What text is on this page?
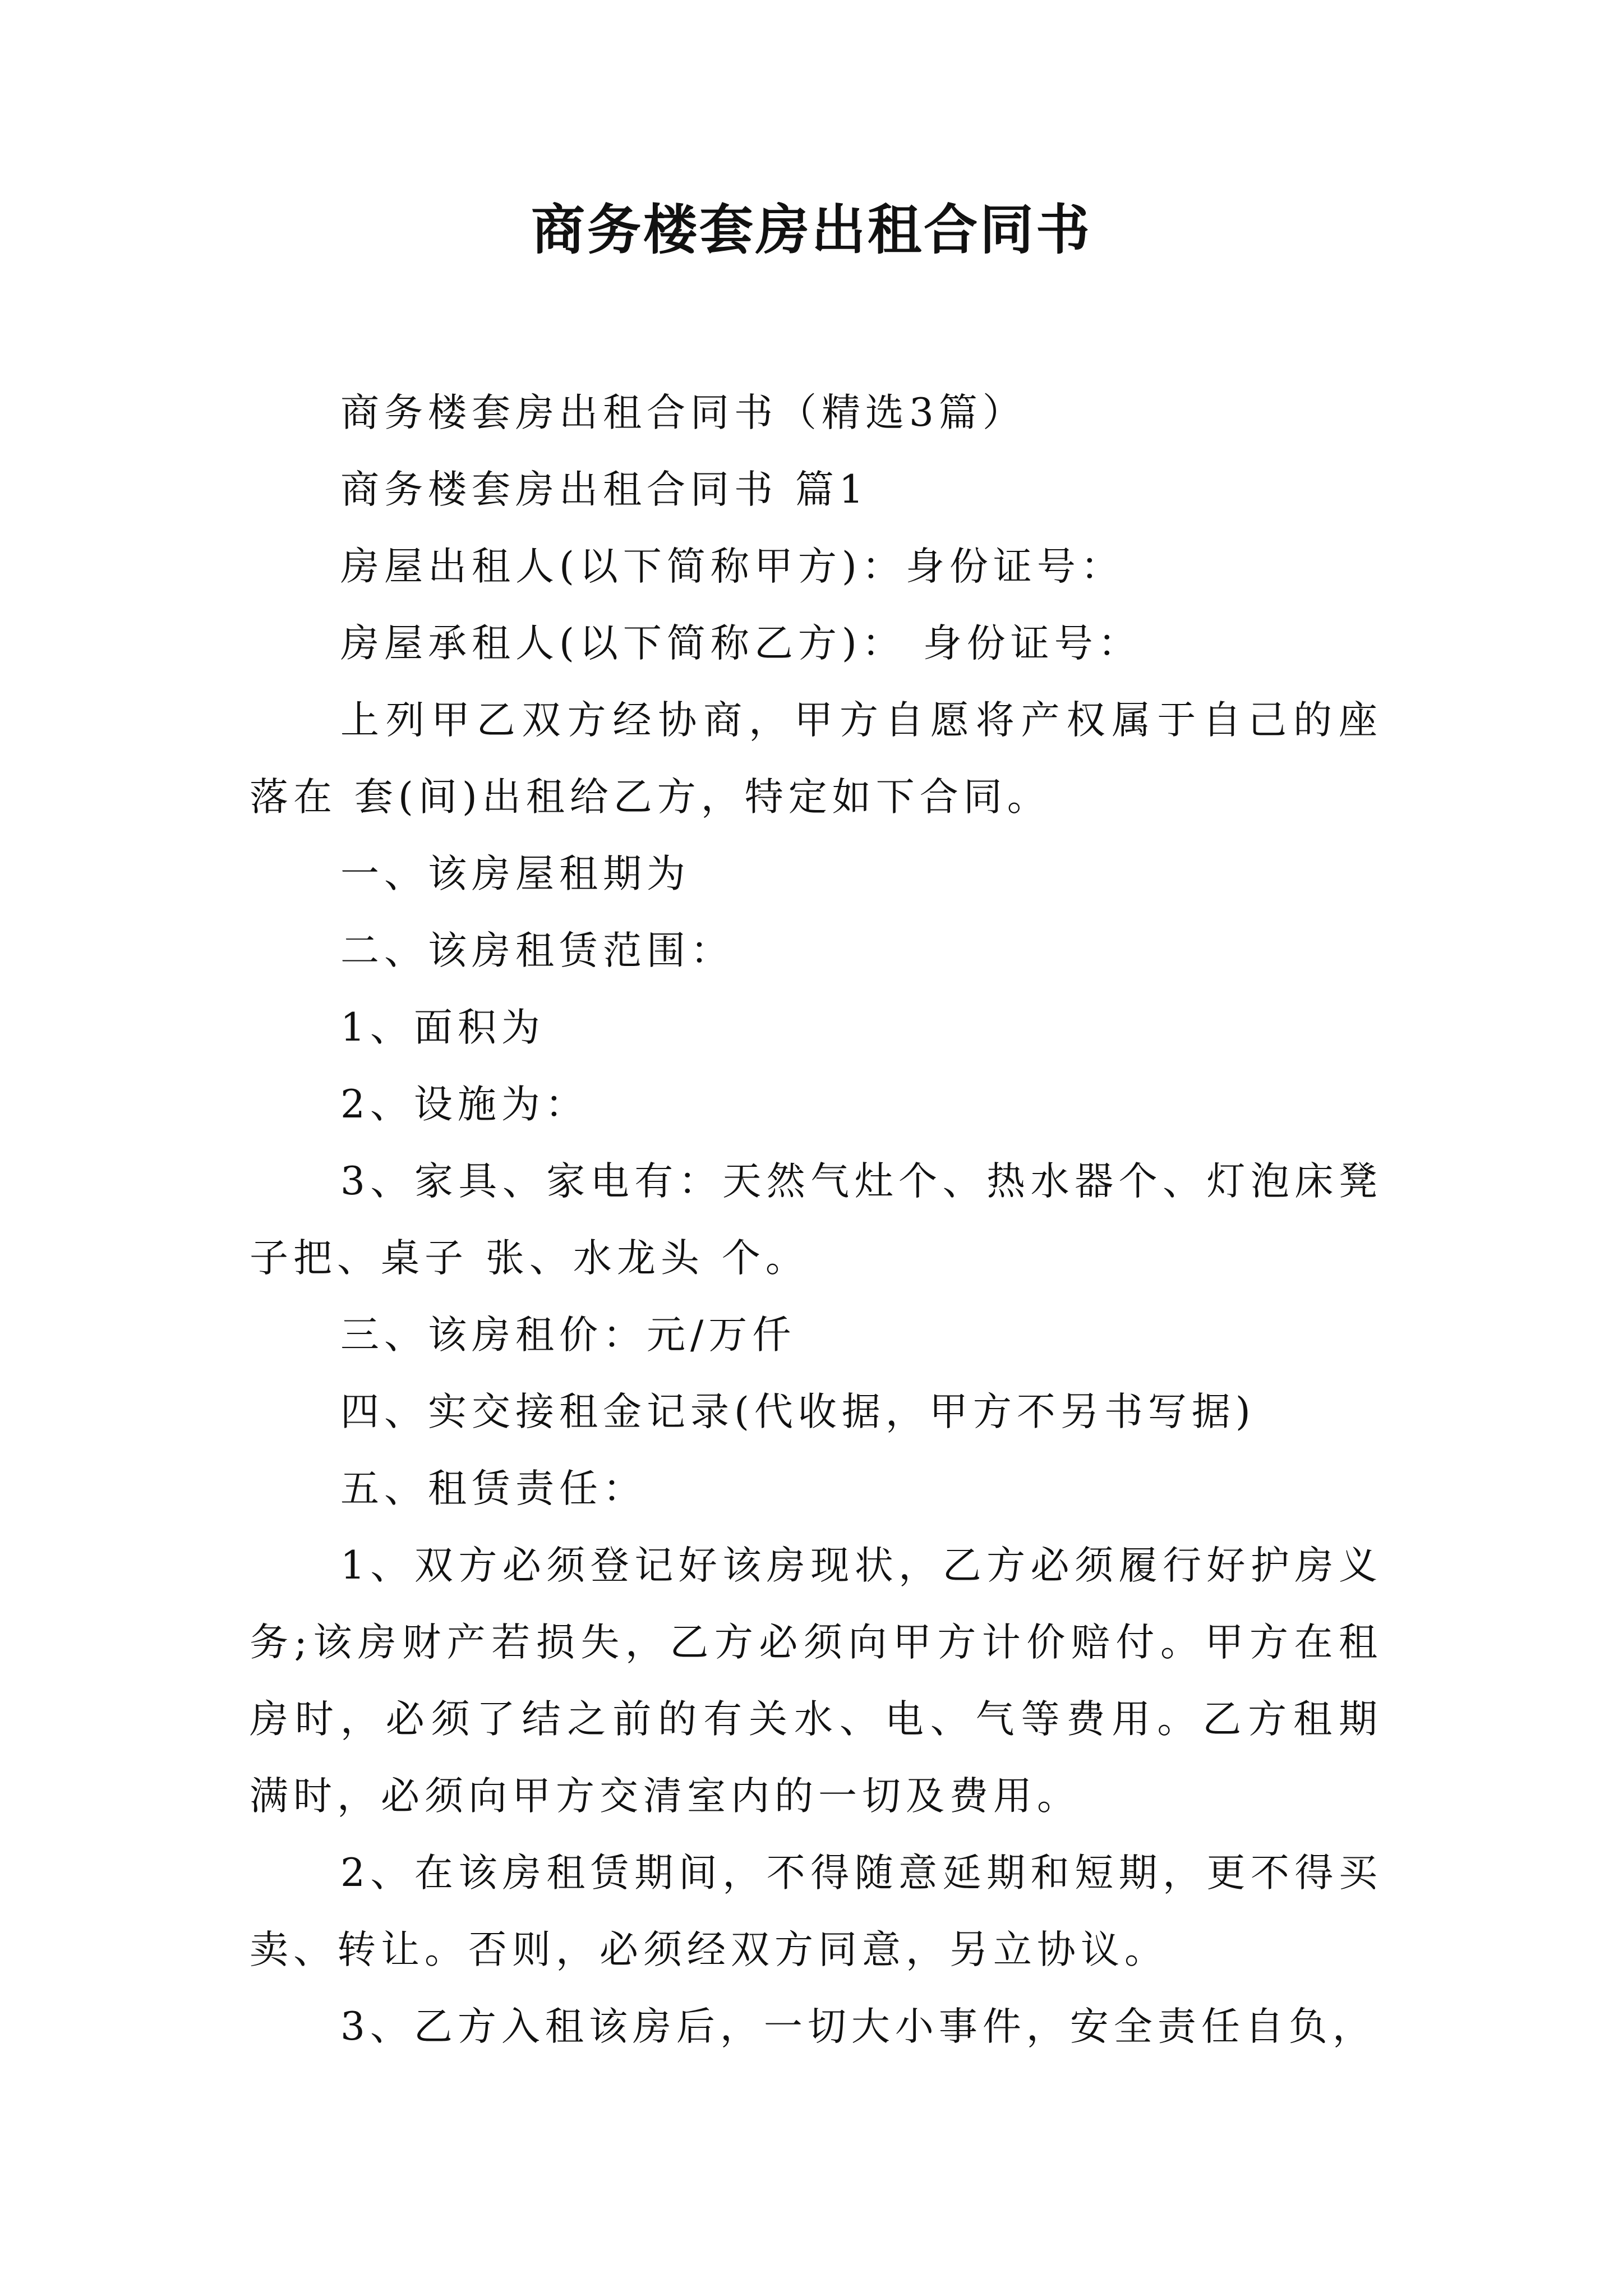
商务楼套房出租合同书

商务楼套房出租合同书（精选3篇）

商务楼套房出租合同书 篇1

房屋出租人(以下简称甲方)：身份证号：

房屋承租人(以下简称乙方)： 身份证号：

上列甲乙双方经协商，甲方自愿将产权属于自己的座落在 套(间)出租给乙方，特定如下合同。

一、该房屋租期为

二、该房租赁范围：

1、面积为

2、设施为：

3、家具、家电有：天然气灶个、热水器个、灯泡床凳子把、桌子 张、水龙头 个。

三、该房租价：元/万仟

四、实交接租金记录(代收据，甲方不另书写据)

五、租赁责任：

1、双方必须登记好该房现状，乙方必须履行好护房义务;该房财产若损失，乙方必须向甲方计价赔付。甲方在租房时，必须了结之前的有关水、电、气等费用。乙方租期满时，必须向甲方交清室内的一切及费用。

2、在该房租赁期间，不得随意延期和短期，更不得买卖、转让。否则，必须经双方同意，另立协议。

3、乙方入租该房后，一切大小事件，安全责任自负，
